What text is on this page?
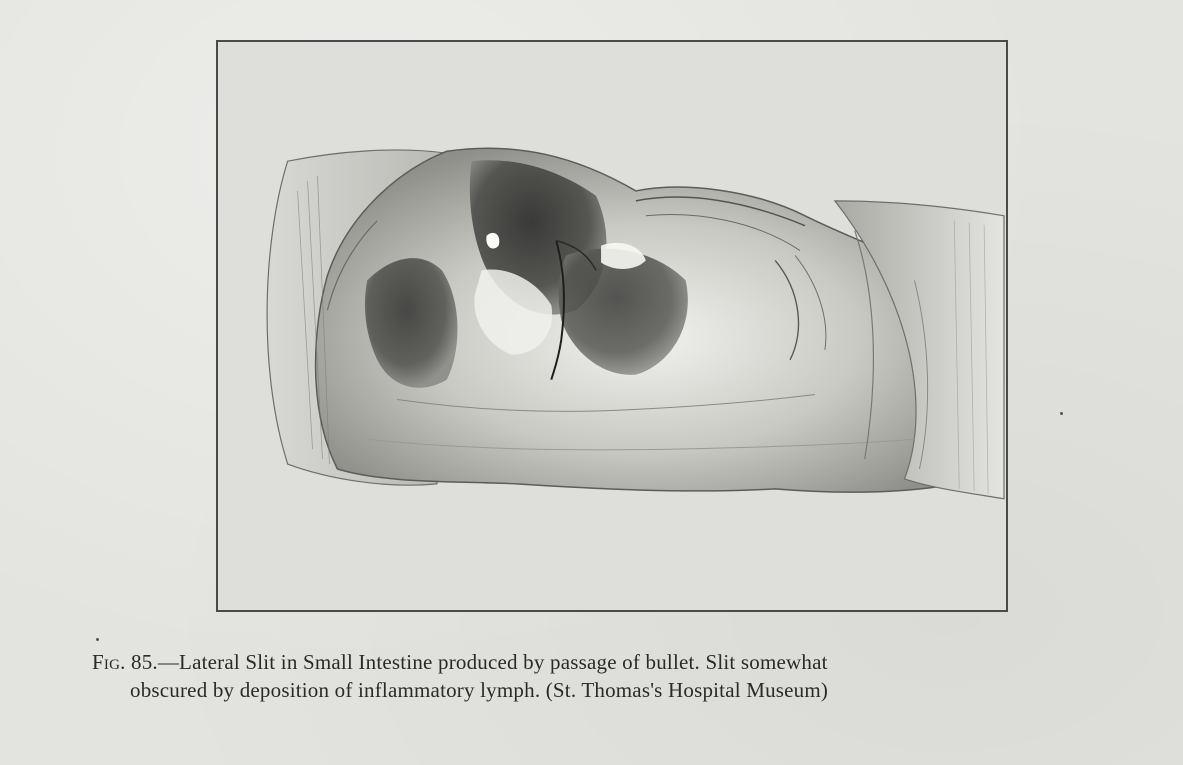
Fig. 85.—Lateral Slit in Small Intestine produced by passage of bullet. Slit somewhat
obscured by deposition of inflammatory lymph. (St. Thomas's Hospital Museum)
